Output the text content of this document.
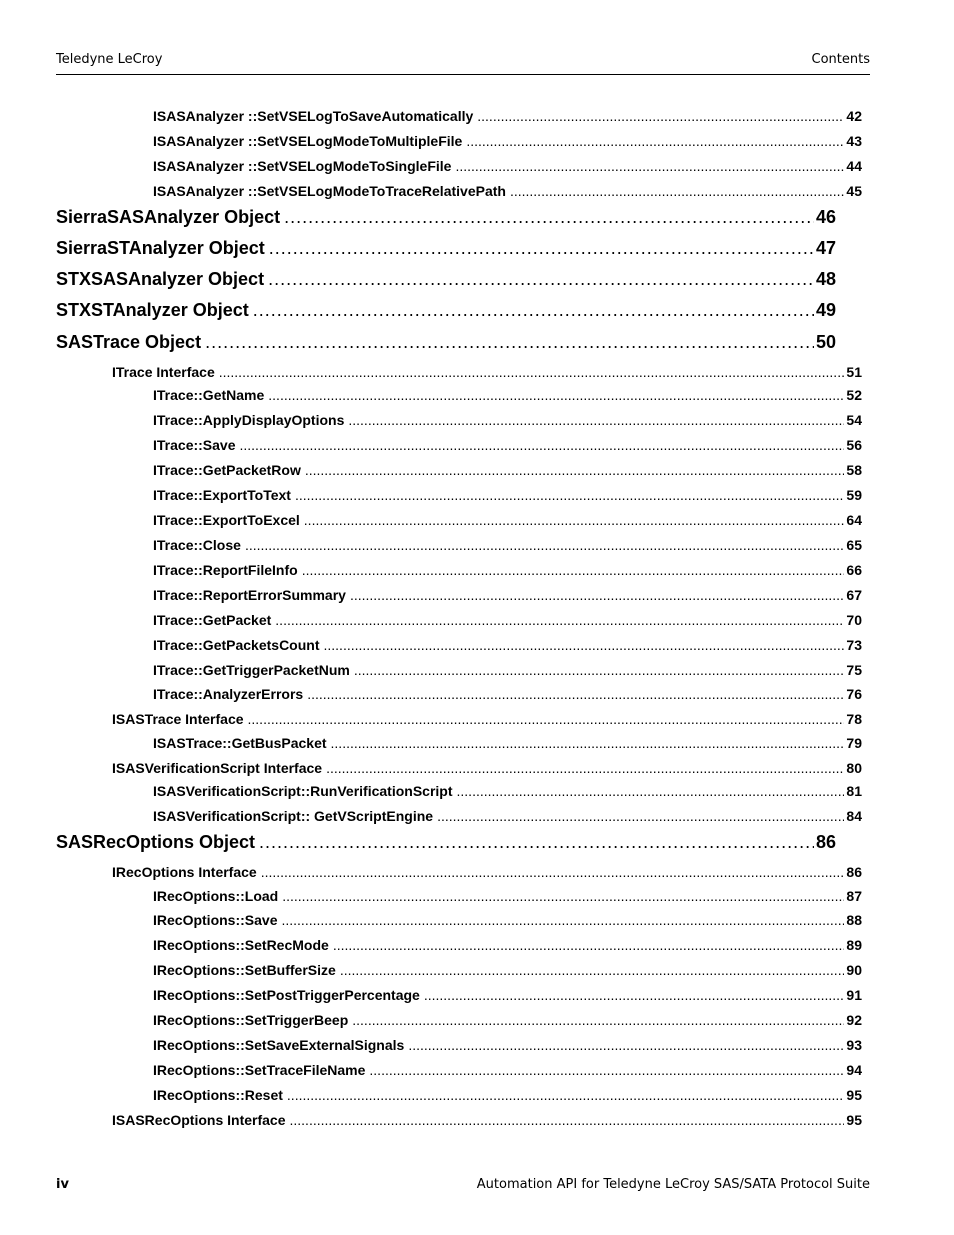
Teledyne LeCroy	Contents
ISASAnalyzer ::SetVSELogToSaveAutomatically .....	42
ISASAnalyzer ::SetVSELogModeToMultipleFile .....	43
ISASAnalyzer ::SetVSELogModeToSingleFile .....	44
ISASAnalyzer ::SetVSELogModeToTraceRelativePath .....	45
SierraSASAnalyzer Object .....	46
SierraSTAnalyzer Object .....	47
STXSASAnalyzer Object .....	48
STXSTAnalyzer Object .....	49
SASTrace Object .....	50
ITrace Interface .....	51
ITrace::GetName .....	52
ITrace::ApplyDisplayOptions .....	54
ITrace::Save .....	56
ITrace::GetPacketRow .....	58
ITrace::ExportToText .....	59
ITrace::ExportToExcel .....	64
ITrace::Close .....	65
ITrace::ReportFileInfo .....	66
ITrace::ReportErrorSummary .....	67
ITrace::GetPacket .....	70
ITrace::GetPacketsCount .....	73
ITrace::GetTriggerPacketNum .....	75
ITrace::AnalyzerErrors .....	76
ISASTrace Interface .....	78
ISASTrace::GetBusPacket .....	79
ISASVerificationScript Interface .....	80
ISASVerificationScript::RunVerificationScript .....	81
ISASVerificationScript:: GetVScriptEngine .....	84
SASRecOptions Object .....	86
IRecOptions Interface .....	86
IRecOptions::Load .....	87
IRecOptions::Save .....	88
IRecOptions::SetRecMode .....	89
IRecOptions::SetBufferSize .....	90
IRecOptions::SetPostTriggerPercentage .....	91
IRecOptions::SetTriggerBeep .....	92
IRecOptions::SetSaveExternalSignals .....	93
IRecOptions::SetTraceFileName .....	94
IRecOptions::Reset .....	95
ISASRecOptions Interface .....	95
iv	Automation API for Teledyne LeCroy SAS/SATA Protocol Suite
